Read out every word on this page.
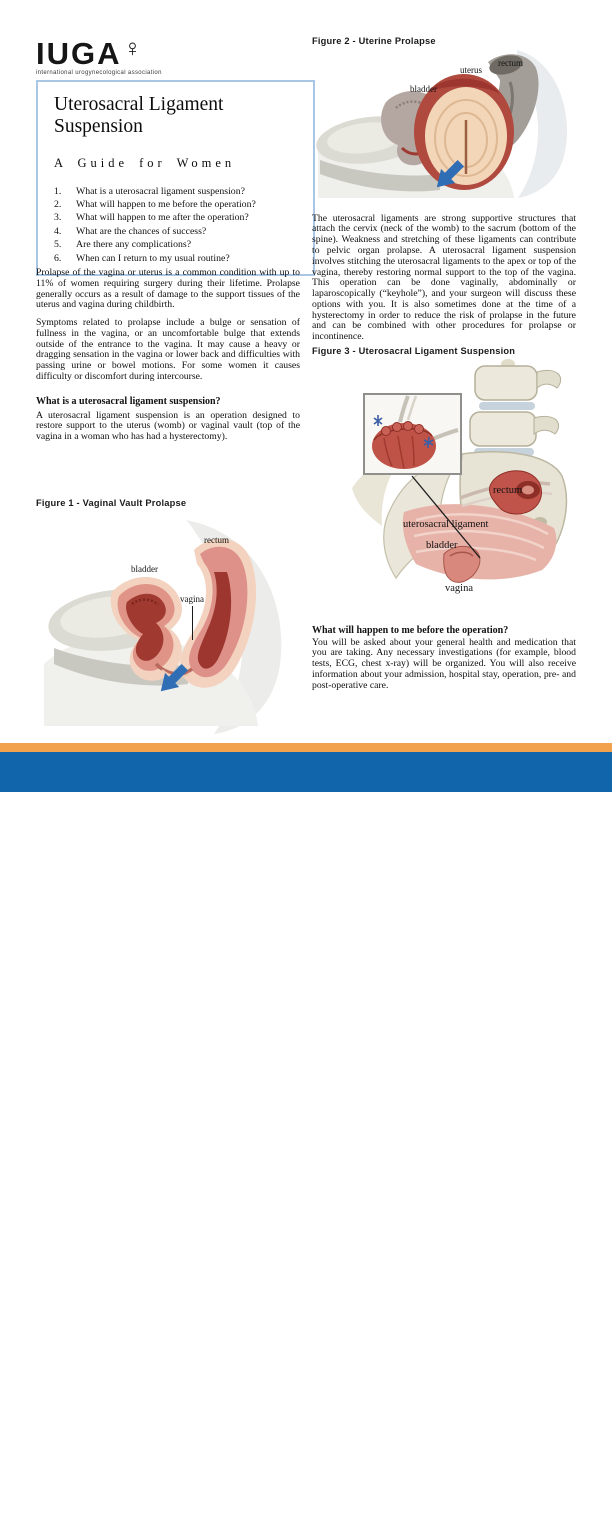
IUGA ♀
international urogynecological association
Uterosacral Ligament Suspension
A Guide for Women
1.	What is a uterosacral ligament suspension?
2.	What will happen to me before the operation?
3.	What will happen to me after the operation?
4.	What are the chances of success?
5.	Are there any complications?
6.	When can I return to my usual routine?

Prolapse of the vagina or uterus is a common condition with up to 11% of women requiring surgery during their lifetime. Prolapse generally occurs as a result of damage to the support tissues of the uterus and vagina during childbirth.

Symptoms related to prolapse include a bulge or sensation of fullness in the vagina, or an uncomfortable bulge that extends outside of the entrance to the vagina. It may cause a heavy or dragging sensation in the vagina or lower back and difficulties with passing urine or bowel motions. For some women it causes difficulty or discomfort during intercourse.

What is a uterosacral ligament suspension?

A uterosacral ligament suspension is an operation designed to restore support to the uterus (womb) or vaginal vault (top of the vagina in a woman who has had a hysterectomy).

Figure 1 - Vaginal Vault Prolapse
bladder
rectum
vagina
Figure 2 - Uterine Prolapse
bladder
uterus
rectum

The uterosacral ligaments are strong supportive structures that attach the cervix (neck of the womb) to the sacrum (bottom of the spine). Weakness and stretching of these ligaments can contribute to pelvic organ prolapse. A uterosacral ligament suspension involves stitching the uterosacral ligaments to the apex or top of the vagina, thereby restoring normal support to the top of the vagina. This operation can be done vaginally, abdominally or laparoscopically (“keyhole”), and your surgeon will discuss these options with you. It is also sometimes done at the time of a hysterectomy in order to reduce the risk of prolapse in the future and can be combined with other procedures for prolapse or incontinence.

Figure 3 - Uterosacral Ligament Suspension
rectum
uterosacral ligament
bladder
vagina
What will happen to me before the operation?

You will be asked about your general health and medication that you are taking. Any necessary investigations (for example, blood tests, ECG, chest x-ray) will be organized. You will also receive information about your admission, hospital stay, operation, pre- and post-operative care.

IUGA Office | office@iuga.org | www.iuga.org	©IUGA RV1
